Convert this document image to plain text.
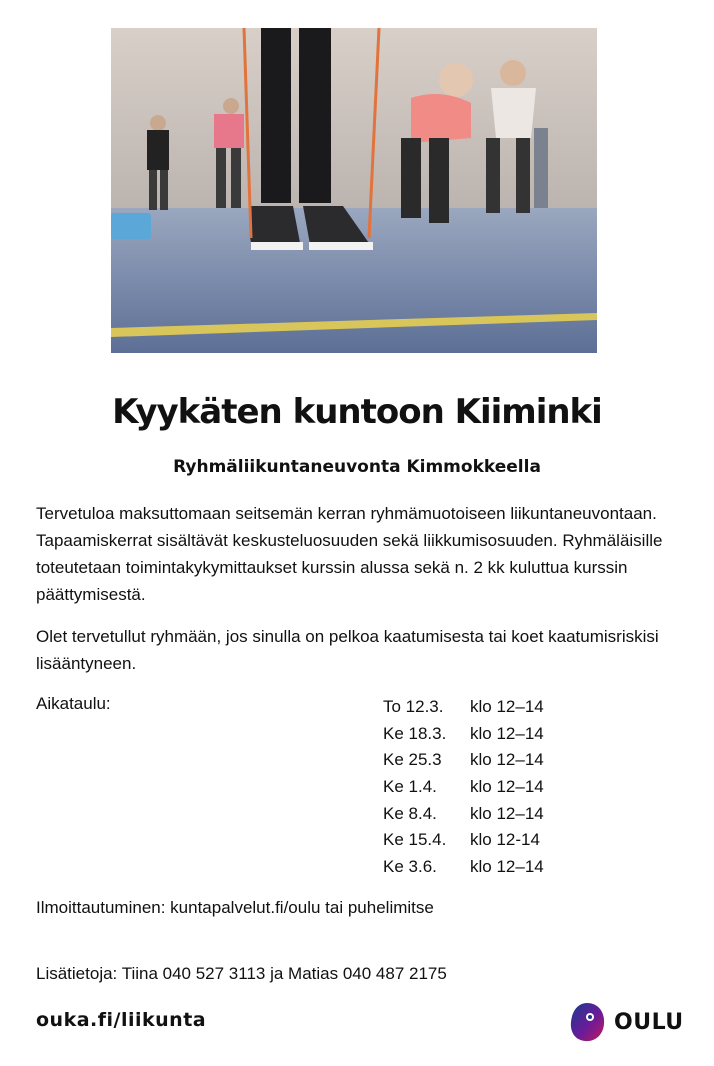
Kyykäten kuntoon Kiiminki
Ryhmäliikuntaneuvonta Kimmokkeella
Tervetuloa maksuttomaan seitsemän kerran ryhmämuotoiseen liikuntaneuvontaan. Tapaamiskerrat sisältävät keskusteluosuuden sekä liikkumisosuuden. Ryhmäläisille toteutetaan toimintakykymittaukset kurssin alussa sekä n. 2 kk kuluttua kurssin päättymisestä.
Olet tervetullut ryhmään, jos sinulla on pelkoa kaatumisesta tai koet kaatumisriskisi lisääntyneen.
Aikataulu:	To 12.3.	klo 12–14
Ke 18.3.	klo 12–14
Ke 25.3	klo 12–14
Ke 1.4.	klo 12–14
Ke 8.4.	klo 12–14
Ke 15.4.	klo 12-14
Ke 3.6.	klo 12–14
Ilmoittautuminen: kuntapalvelut.fi/oulu tai puhelimitse
Lisätietoja: Tiina 040 527 3113 ja Matias 040 487 2175
ouka.fi/liikunta	OULU
